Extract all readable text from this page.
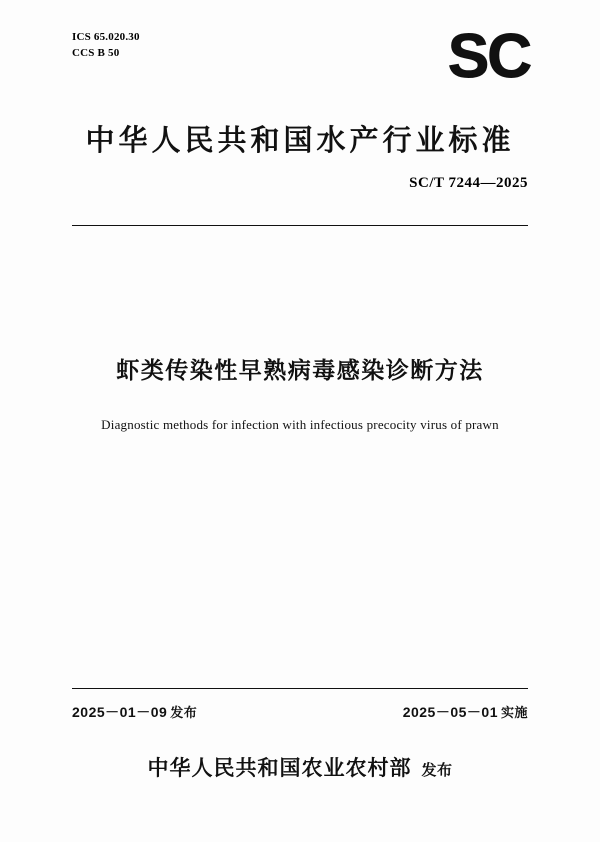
ICS 65.020.30
CCS B 50	SC
中华人民共和国水产行业标准
SC/T 7244—2025
虾类传染性早熟病毒感染诊断方法
Diagnostic methods for infection with infectious precocity virus of prawn
2025－01－09 发布	2025－05－01 实施
中华人民共和国农业农村部 发布
